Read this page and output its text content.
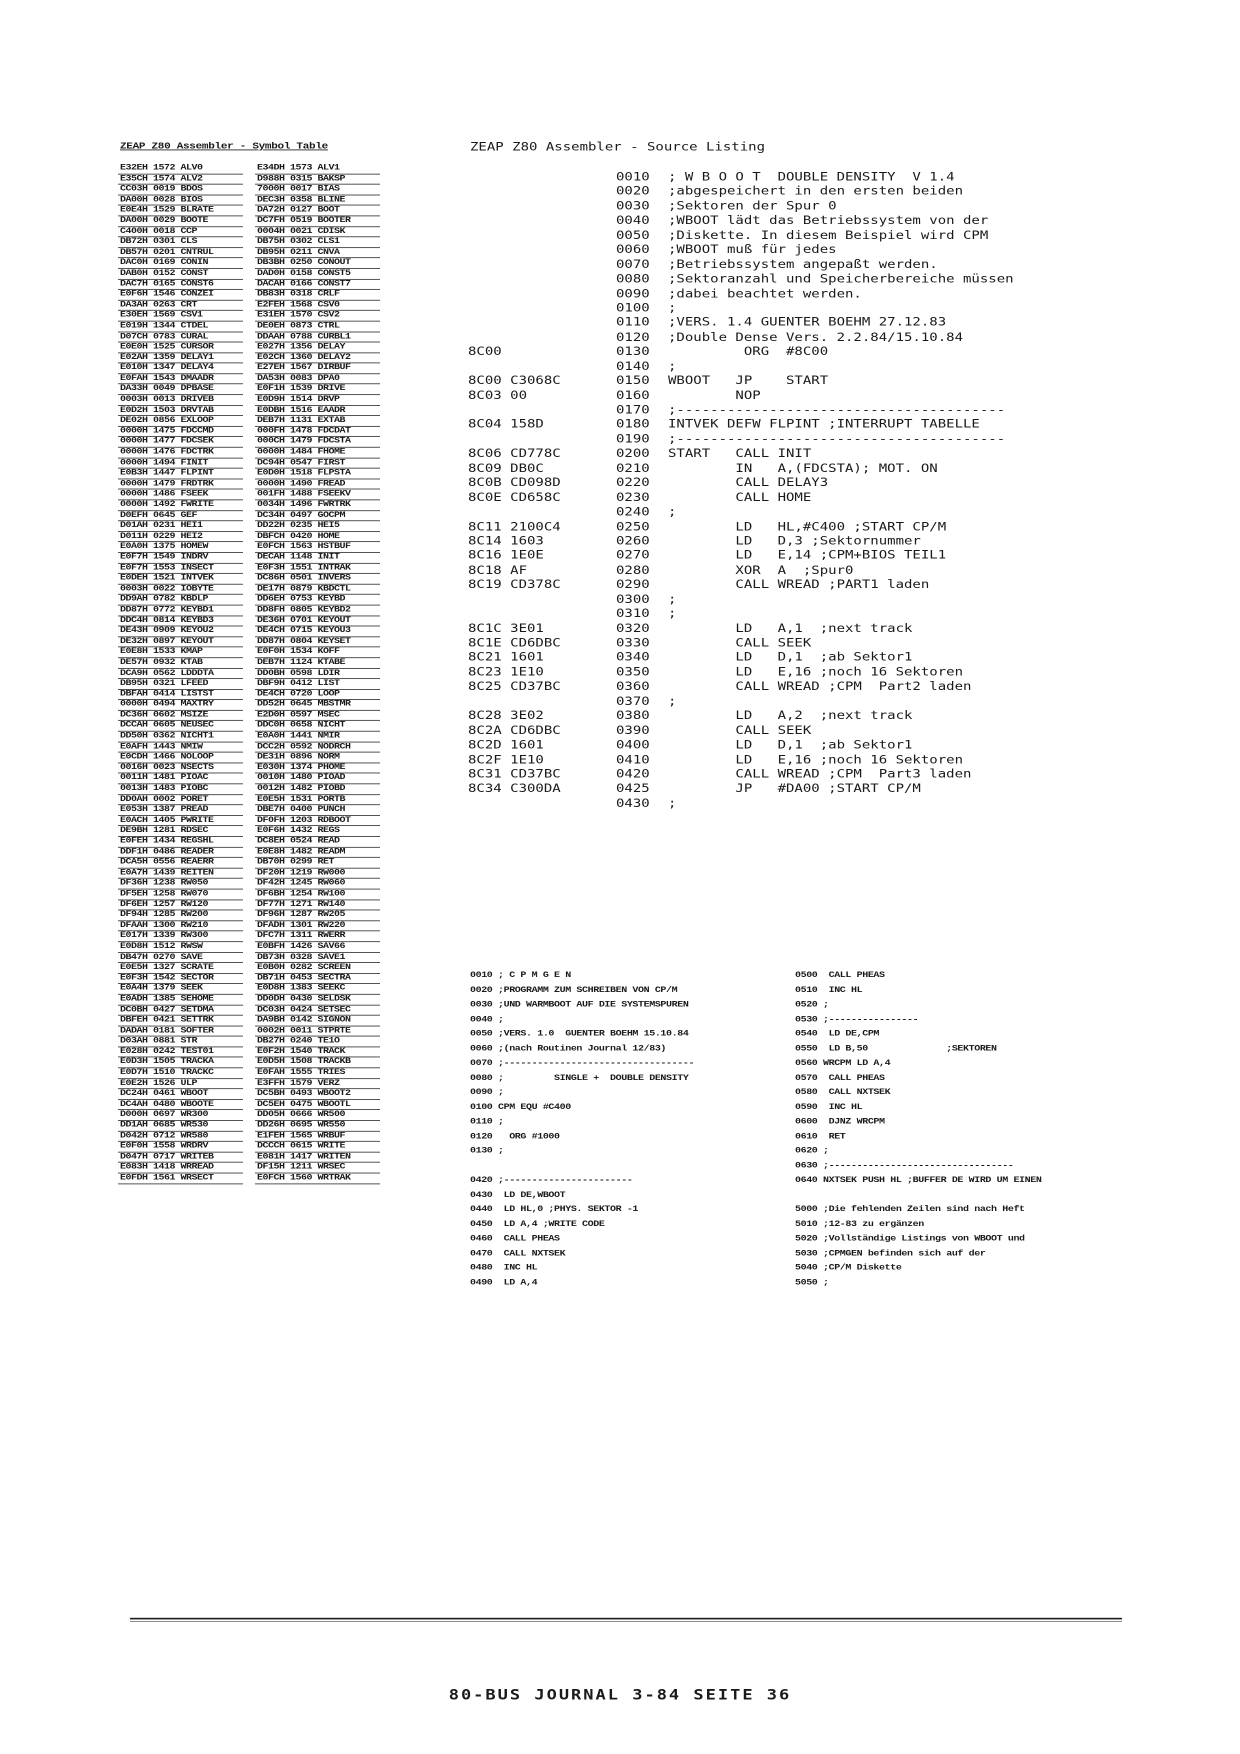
ZEAP Z80 Assembler - Symbol Table
E32EH 1572 ALV0		E34DH 1573 ALV1
E35CH 1574 ALV2		D988H 0315 BAKSP
CC03H 0019 BDOS		7000H 0017 BIAS
DA00H 0028 BIOS		DEC3H 0358 BLINE
E0E4H 1529 BLRATE		DA72H 0127 BOOT
DA00H 0029 BOOTE		DC7FH 0519 BOOTER
C400H 0018 CCP		0004H 0021 CDISK
DB72H 0301 CLS		DB75H 0302 CLS1
DB57H 0201 CNTRUL		DB95H 0211 CNVA
DAC0H 0169 CONIN		DB3BH 0250 CONOUT
DAB0H 0152 CONST		DAD0H 0158 CONST5
DAC7H 0165 CONST6		DACAH 0166 CONST7
E0F6H 1546 CONZEI		DB83H 0318 CRLF
DA3AH 0263 CRT		E2FEH 1568 CSV0
E30EH 1569 CSV1		E31EH 1570 CSV2
E019H 1344 CTDEL		DE0EH 0873 CTRL
D07CH 0783 CURAL		DDAAH 0788 CURBL1
E0E0H 1525 CURSOR		E027H 1356 DELAY
E02AH 1359 DELAY1		E02CH 1360 DELAY2
E010H 1347 DELAY4		E27EH 1567 DIRBUF
E0FAH 1543 DMAADR		DA53H 0083 DPA0
DA33H 0049 DPBASE		E0F1H 1539 DRIVE
0003H 0013 DRIVEB		E0D9H 1514 DRVP
E0D2H 1503 DRVTAB		E0DBH 1516 EAADR
DE02H 0856 EXLOOP		DEB7H 1131 EXTAB
0000H 1475 FDCCMD		000FH 1478 FDCDAT
0000H 1477 FDCSEK		000CH 1479 FDCSTA
0000H 1476 FDCTRK		0000H 1484 FHOME
0000H 1494 FINIT		DC94H 0547 FIRST
E0B3H 1447 FLPINT		E0D0H 1518 FLPSTA
0000H 1479 FRDTRK		0000H 1490 FREAD
0000H 1486 FSEEK		001FH 1488 FSEEKV
0000H 1492 FWRITE		0034H 1496 FWRTRK
D0EFH 0645 GEF		DC34H 0497 GOCPM
D01AH 0231 HEI1		DD22H 0235 HEI5
D011H 0229 HEI2		DBFCH 0420 HOME
E0A0H 1375 HOMEW		E0FCH 1563 HSTBUF
E0F7H 1549 INDRV		DECAH 1148 INIT
E0F7H 1553 INSECT		E0F3H 1551 INTRAK
E0DEH 1521 INTVEK		DC86H 0501 INVERS
0003H 0022 IOBYTE		DE17H 0879 KBDCTL
DD9AH 0782 KBDLP		DD6EH 0753 KEYBD
DD87H 0772 KEYBD1		DD8FH 0805 KEYBD2
DDC4H 0814 KEYBD3		DE36H 0701 KEYOUT
DE43H 0909 KEYOU2		DE4CH 0715 KEYOU3
DE32H 0897 KEYOUT		DD87H 0804 KEYSET
E0E8H 1533 KMAP		E0F0H 1534 KOFF
DE57H 0932 KTAB		DEB7H 1124 KTABE
DCA9H 0562 LDDDTA		DD0BH 0598 LDIR
DB95H 0321 LFEED		DBF9H 0412 LIST
DBFAH 0414 LISTST		DE4CH 0720 LOOP
0000H 0494 MAXTRY		DD52H 0645 MBSTMR
DC36H 0602 MSIZE		E2D0H 0597 MSEC
DCCAH 0605 NEUSEC		DDC0H 0658 NICHT
DD50H 0362 NICHT1		E0A0H 1441 NMIR
E0AFH 1443 NMIW		DCC2H 0592 NODRCH
E0CDH 1466 NOLOOP		DE31H 0896 NORM
0016H 0023 NSECTS		E030H 1374 PHOME
0011H 1481 PIOAC		0010H 1480 PIOAD
0013H 1483 PIOBC		0012H 1482 PIOBD
DD0AH 0002 PORET		E0E5H 1531 PORTB
E053H 1387 PREAD		DBE7H 0400 PUNCH
E0ACH 1405 PWRITE		DF0FH 1203 RDBOOT
DE9BH 1281 RDSEC		E0F6H 1432 REGS
E0FEH 1434 REGSHL		DC8EH 0524 READ
DDF1H 0486 READER		E0E8H 1482 READM
DCA5H 0556 REAERR		DB70H 0299 RET
E0A7H 1439 REITEN		DF20H 1219 RW000
DF36H 1238 RW050		DF42H 1245 RW060
DF5EH 1258 RW070		DF6BH 1254 RW100
DF6EH 1257 RW120		DF77H 1271 RW140
DF94H 1285 RW200		DF96H 1287 RW205
DFAAH 1300 RW210		DFADH 1301 RW220
E017H 1339 RW300		DFC7H 1311 RWERR
E0D8H 1512 RWSW		E0BFH 1426 SAV66
DB47H 0270 SAVE		DB73H 0328 SAVE1
E0E5H 1327 SCRATE		E0B0H 0282 SCREEN
E0F3H 1542 SECTOR		DB71H 0453 SECTRA
E0A4H 1379 SEEK		E0D8H 1383 SEEKC
E0ADH 1385 SEHOME		DD0DH 0430 SELDSK
DC0BH 0427 SETDMA		DC03H 0424 SETSEC
DBFEH 0421 SETTRK		DA9BH 0142 SIGNON
DADAH 0181 SOFTER		0002H 0011 STPRTE
D03AH 0881 STR		DB27H 0240 TE1O
E028H 0242 TEST01		E0F2H 1540 TRACK
E0D3H 1505 TRACKA		E0D5H 1508 TRACKB
E0D7H 1510 TRACKC		E0FAH 1555 TRIES
E0E2H 1526 ULP		E3FFH 1579 VERZ
DC24H 0461 WBOOT		DC5BH 0493 WBOOT2
DC4AH 0480 WBOOTE		DC5EH 0475 WBOOTL
D000H 0697 WR300		DD05H 0666 WR500
DD1AH 0685 WR530		DD26H 0695 WR550
D042H 0712 WR580		E1FEH 1565 WRBUF
E0F0H 1558 WRDRV		DCCCH 0615 WRITE
D047H 0717 WRITEB		E081H 1417 WRITEN
E083H 1418 WRREAD		DF15H 1211 WRSEC
E0FDH 1561 WRSECT		E0FCH 1560 WRTRAK
ZEAP Z80 Assembler - Source Listing
0010 ; W B O O T  DOUBLE DENSITY  V 1.4
0020 ;abgespeichert in den ersten beiden
0030 ;Sektoren der Spur 0
0040 ;WBOOT lädt das Betriebssystem von der
0050 ;Diskette. In diesem Beispiel wird CPM
0060 ;WBOOT muß für jedes
0070 ;Betriebssystem angepaßt werden.
0080 ;Sektoranzahl und Speicherbereiche müssen
0090 ;dabei beachtet werden.
0100 ;
0110 ;VERS. 1.4 GUENTER BOEHM 27.12.83
0120 ;Double Dense Vers. 2.2.84/15.10.84
8C00	0130         ORG  #8C00
0140 ;
8C00 C3068C	0150 WBOOT   JP    START
8C03 00	0160        NOP
0170 ;---------------------------------------
8C04 158D	0180 INTVEK DEFW FLPINT ;INTERRUPT TABELLE
0190 ;---------------------------------------
8C06 CD778C	0200 START   CALL INIT
8C09 DB0C	0210        IN   A,(FDCSTA); MOT. ON
8C0B CD098D	0220        CALL DELAY3
8C0E CD658C	0230        CALL HOME
0240 ;
8C11 2100C4	0250        LD   HL,#C400 ;START CP/M
8C14 1603	0260        LD   D,3 ;Sektornummer
8C16 1E0E	0270        LD   E,14 ;CPM+BIOS TEIL1
8C18 AF	0280        XOR  A  ;Spur0
8C19 CD378C	0290        CALL WREAD ;PART1 laden
0300 ;
0310 ;
8C1C 3E01	0320        LD   A,1  ;next track
8C1E CD6DBC	0330        CALL SEEK
8C21 1601	0340        LD   D,1  ;ab Sektor1
8C23 1E10	0350        LD   E,16 ;noch 16 Sektoren
8C25 CD37BC	0360        CALL WREAD ;CPM  Part2 laden
0370 ;
8C28 3E02	0380        LD   A,2  ;next track
8C2A CD6DBC	0390        CALL SEEK
8C2D 1601	0400        LD   D,1  ;ab Sektor1
8C2F 1E10	0410        LD   E,16 ;noch 16 Sektoren
8C31 CD37BC	0420        CALL WREAD ;CPM  Part3 laden
8C34 C300DA	0425        JP   #DA00 ;START CP/M
0430 ;
0010 ; C P M G E N
0020 ;PROGRAMM ZUM SCHREIBEN VON CP/M
0030 ;UND WARMBOOT AUF DIE SYSTEMSPUREN
0040 ;
0050 ;VERS. 1.0  GUENTER BOEHM 15.10.84
0060 ;(nach Routinen Journal 12/83)
0070 ;----------------------------------
0080 ;         SINGLE +  DOUBLE DENSITY
0090 ;
0100 CPM EQU #C400
0110 ;
0120   ORG #1000
0130 ;
0420 ;-----------------------
0430  LD DE,WBOOT
0440  LD HL,0 ;PHYS. SEKTOR -1
0450  LD A,4 ;WRITE CODE
0460  CALL PHEAS
0470  CALL NXTSEK
0480  INC HL
0490  LD A,4
0500  CALL PHEAS
0510  INC HL
0520 ;
0530 ;----------------
0540  LD DE,CPM
0550  LD B,50              ;SEKTOREN
0560 WRCPM LD A,4
0570  CALL PHEAS
0580  CALL NXTSEK
0590  INC HL
0600  DJNZ WRCPM
0610  RET
0620 ;
0630 ;---------------------------------
0640 NXTSEK PUSH HL ;BUFFER DE WIRD UM EINEN
5000 ;Die fehlenden Zeilen sind nach Heft
5010 ;12-83 zu ergänzen
5020 ;Vollständige Listings von WBOOT und
5030 ;CPMGEN befinden sich auf der
5040 ;CP/M Diskette
5050 ;
80-BUS JOURNAL 3-84 SEITE 36
